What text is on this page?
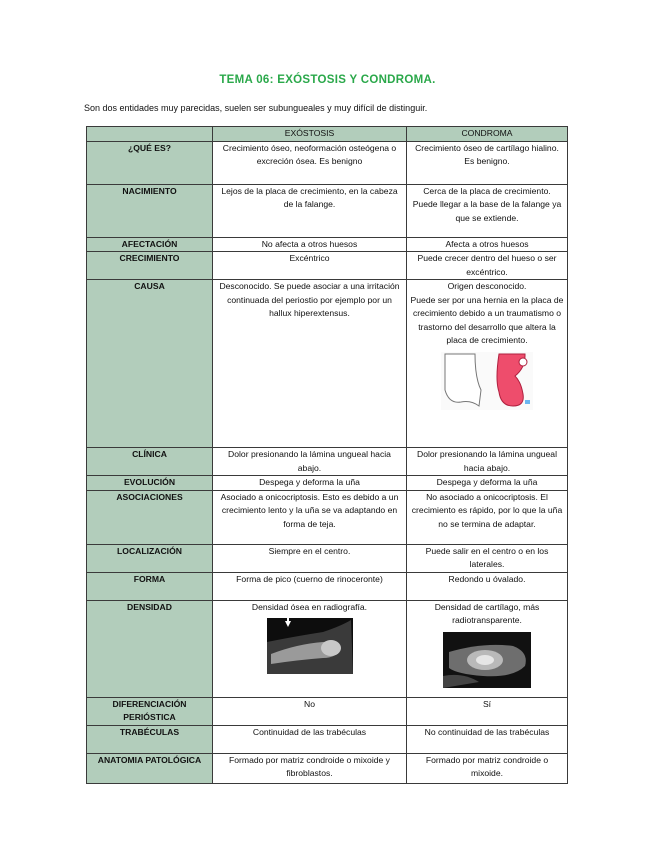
TEMA 06: EXÓSTOSIS Y CONDROMA.
Son dos entidades muy parecidas, suelen ser subungueales y muy difícil de distinguir.
	EXÓSTOSIS	CONDROMA
¿QUÉ ES?	Crecimiento óseo, neoformación osteógena o excreción ósea. Es benigno	Crecimiento óseo de cartílago hialino.
Es benigno.
NACIMIENTO	Lejos de la placa de crecimiento, en la cabeza de la falange.	Cerca de la placa de crecimiento. Puede llegar a la base de la falange ya que se extiende.
AFECTACIÓN	No afecta a otros huesos	Afecta a otros huesos
CRECIMIENTO	Excéntrico	Puede crecer dentro del hueso o ser excéntrico.
CAUSA	Desconocido. Se puede asociar a una irritación continuada del periostio por ejemplo por un hallux hiperextensus.	Origen desconocido.
Puede ser por una hernia en la placa de crecimiento debido a un traumatismo o trastorno del desarrollo que altera la placa de crecimiento.

CLÍNICA	Dolor presionando la lámina ungueal hacia abajo.	Dolor presionando la lámina ungueal hacia abajo.
EVOLUCIÓN	Despega y deforma la uña	Despega y deforma la uña
ASOCIACIONES	Asociado a onicocriptosis. Esto es debido a un crecimiento lento y la uña se va adaptando en forma de teja.	No asociado a onicocriptosis. El crecimiento es rápido, por lo que la uña no se termina de adaptar.
LOCALIZACIÓN	Siempre en el centro.	Puede salir en el centro o en los laterales.
FORMA	Forma de pico (cuerno de rinoceronte)	Redondo u óvalado.
DENSIDAD	Densidad ósea en radiografía.	Densidad de cartílago, más radiotransparente.

DIFERENCIACIÓN PERIÓSTICA	No	Sí
TRABÉCULAS	Continuidad de las trabéculas	No continuidad de las trabéculas
ANATOMIA PATOLÓGICA	Formado por matriz condroide o mixoide y fibroblastos.	Formado por matriz condroide o mixoide.
